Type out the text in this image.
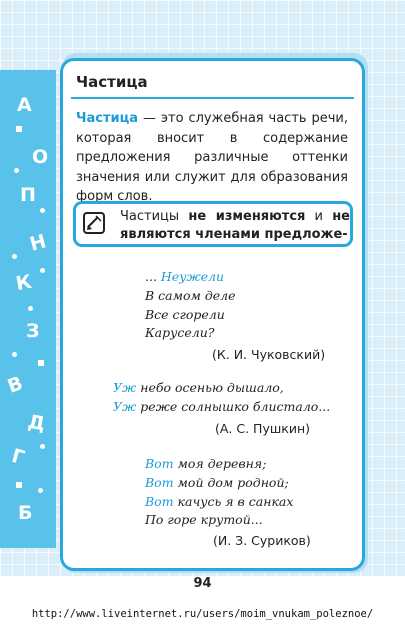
А
О
П
Н
К
З
В
Д
Г
Б
Частица
Частица — это служебная часть речи, которая вносит в содержание предложения различные оттенки значения или служит для образования форм слов.
Частицы не изменяются и не являются членами предложе-
... Неужели
В самом деле
Все сгорели
Карусели?
(К. И. Чуковский)
Уж небо осенью дышало,
Уж реже солнышко блистало...
(А. С. Пушкин)
Вот моя деревня;
Вот мой дом родной;
Вот качусь я в санках
По горе крутой...
(И. З. Суриков)
94
http://www.liveinternet.ru/users/moim_vnukam_poleznoe/
